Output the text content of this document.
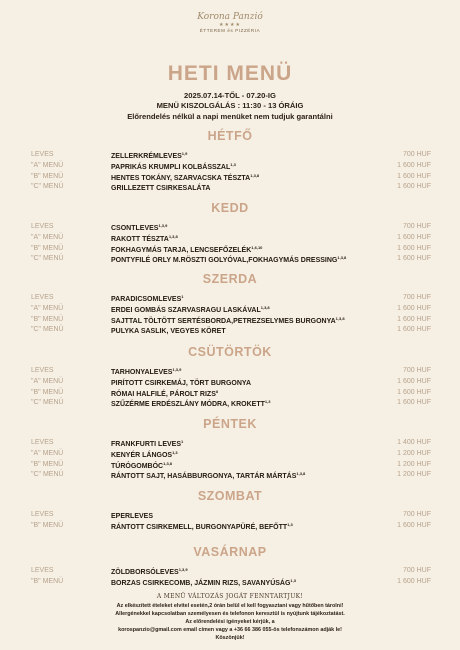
Korona Panzió
★★★★
ÉTTEREM és PIZZÉRIA
HETI MENÜ
2025.07.14-TŐL - 07.20-IG
MENÜ KISZOLGÁLÁS : 11:30 - 13 ÓRÁIG
Előrendelés nélkül a napi menüket nem tudjuk garantálni
HÉTFŐ
LEVES	ZELLERKRÉMLEVES$^{1,9}$	700 HUF
"A" MENÜ	PAPRIKÁS KRUMPLI KOLBÁSSZAL$^{1,3}$	1 600 HUF
"B" MENÜ	HENTES TOKÁNY, SZARVACSKA TÉSZTA$^{1,3,8}$	1 600 HUF
"C" MENÜ	GRILLEZETT CSIRKESALÁTA	1 600 HUF
KEDD
LEVES	CSONTLEVES$^{1,3,9}$	700 HUF
"A" MENÜ	RAKOTT TÉSZTA$^{1,3,8}$	1 600 HUF
"B" MENÜ	FOKHAGYMÁS TARJA, LENCSEFŐZELÉK$^{1,6,10}$	1 600 HUF
"C" MENÜ	PONTYFILÉ ORLY M.RÖSZTI GOLYÓVAL,FOKHAGYMÁS DRESSING$^{1,3,8}$	1 600 HUF
SZERDA
LEVES	PARADICSOMLEVES$^1$	700 HUF
"A" MENÜ	ERDEI GOMBÁS SZARVASRAGU LASKÁVAL$^{1,3,8}$	1 600 HUF
"B" MENÜ	SAJTTAL TÖLTÖTT SERTÉSBORDA,PETREZSELYMES BURGONYA$^{1,3,8}$	1 600 HUF
"C" MENÜ	PULYKA SASLIK, VEGYES KÖRET	1 600 HUF
CSÜTÖRTÖK
LEVES	TARHONYALEVES$^{1,3,9}$	700 HUF
"A" MENÜ	PIRÍTOTT CSIRKEMÁJ, TÖRT BURGONYA	1 600 HUF
"B" MENÜ	RÓMAI HALFILÉ, PÁROLT RIZS$^8$	1 600 HUF
"C" MENÜ	SZŰZÉRME ERDÉSZLÁNY MÓDRA, KROKETT$^{1,3}$	1 600 HUF
PÉNTEK
LEVES	FRANKFURTI LEVES$^1$	1 400 HUF
"A" MENÜ	KENYÉR LÁNGOS$^{1,3}$	1 200 HUF
"B" MENÜ	TÚRÓGOMBÓC$^{1,3,8}$	1 200 HUF
"C" MENÜ	RÁNTOTT SAJT, HASÁBBURGONYA, TARTÁR MÁRTÁS$^{1,3,8}$	1 200 HUF
SZOMBAT
LEVES	EPERLEVES	700 HUF
"B" MENÜ	RÁNTOTT CSIRKEMELL, BURGONYAPÜRÉ, BEFŐTT$^{1,3}$	1 600 HUF
VASÁRNAP
LEVES	ZÖLDBORSÓLEVES$^{1,3,9}$	700 HUF
"B" MENÜ	BORZAS CSIRKECOMB, JÁZMIN RIZS, SAVANYÚSÁG$^{1,3}$	1 600 HUF
A MENÜ VÁLTOZÁS JOGÁT FENNTARTJUK!
Az elkészített ételeket elvitel esetén,2 órán belül el kell fogyasztani vagy hűtőben tárolni!
Allergénekkel kapcsolatban személyesen és telefonon keresztül is nyújtunk tájékoztatást.
Az előrendelési igényeket kérjük, a
korospanzio@gmail.com email címen vagy a +36 66 386 055-ös telefonszámon adják le!
Köszönjük!
